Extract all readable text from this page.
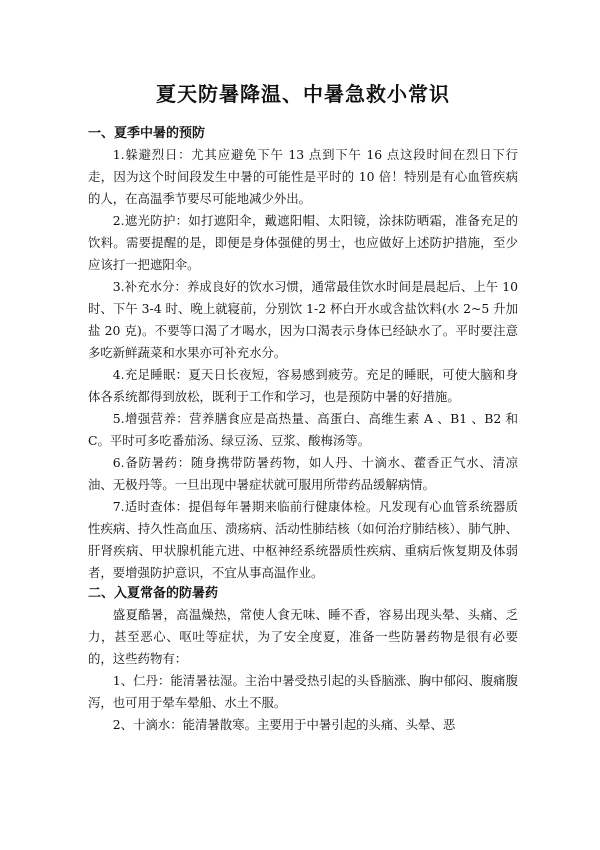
夏天防暑降温、中暑急救小常识
一、夏季中暑的预防

1.躲避烈日：尤其应避免下午 13 点到下午 16 点这段时间在烈日下行走，因为这个时间段发生中暑的可能性是平时的 10 倍！特别是有心血管疾病的人，在高温季节要尽可能地减少外出。

2.遮光防护：如打遮阳伞，戴遮阳帽、太阳镜，涂抹防晒霜，准备充足的饮料。需要提醒的是，即便是身体强健的男士，也应做好上述防护措施，至少应该打一把遮阳伞。

3.补充水分：养成良好的饮水习惯，通常最佳饮水时间是晨起后、上午 10 时、下午 3-4 时、晚上就寝前，分别饮 1-2 杯白开水或含盐饮料(水 2~5 升加盐 20 克)。不要等口渴了才喝水，因为口渴表示身体已经缺水了。平时要注意多吃新鲜蔬菜和水果亦可补充水分。

4.充足睡眠：夏天日长夜短，容易感到疲劳。充足的睡眠，可使大脑和身体各系统都得到放松，既利于工作和学习，也是预防中暑的好措施。

5.增强营养：营养膳食应是高热量、高蛋白、高维生素 A 、B1 、B2 和 C。平时可多吃番茄汤、绿豆汤、豆浆、酸梅汤等。

6.备防暑药：随身携带防暑药物，如人丹、十滴水、藿香正气水、清凉油、无极丹等。一旦出现中暑症状就可服用所带药品缓解病情。

7.适时查体：提倡每年暑期来临前行健康体检。凡发现有心血管系统器质性疾病、持久性高血压、溃疡病、活动性肺结核（如何治疗肺结核）、肺气肿、肝肾疾病、甲状腺机能亢进、中枢神经系统器质性疾病、重病后恢复期及体弱者，要增强防护意识，不宜从事高温作业。

二、入夏常备的防暑药

盛夏酷暑，高温燥热，常使人食无味、睡不香，容易出现头晕、头痛、乏力，甚至恶心、呕吐等症状，为了安全度夏，准备一些防暑药物是很有必要的，这些药物有：

1、仁丹：能清暑祛湿。主治中暑受热引起的头昏脑涨、胸中郁闷、腹痛腹泻，也可用于晕车晕船、水土不服。

2、十滴水：能清暑散寒。主要用于中暑引起的头痛、头晕、恶
